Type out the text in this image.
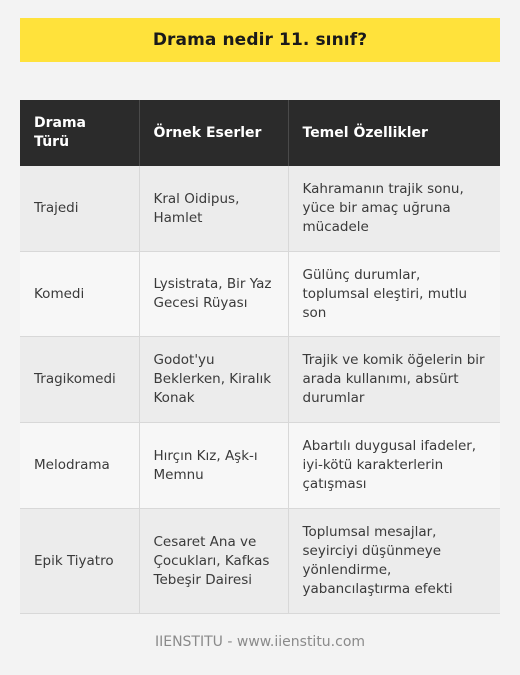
Drama nedir 11. sınıf?
Drama Türü	Örnek Eserler	Temel Özellikler
Trajedi	Kral Oidipus, Hamlet	Kahramanın trajik sonu, yüce bir amaç uğruna mücadele
Komedi	Lysistrata, Bir Yaz Gecesi Rüyası	Gülünç durumlar, toplumsal eleştiri, mutlu son
Tragikomedi	Godot'yu Beklerken, Kiralık Konak	Trajik ve komik öğelerin bir arada kullanımı, absürt durumlar
Melodrama	Hırçın Kız, Aşk-ı Memnu	Abartılı duygusal ifadeler, iyi-kötü karakterlerin çatışması
Epik Tiyatro	Cesaret Ana ve Çocukları, Kafkas Tebeşir Dairesi	Toplumsal mesajlar, seyirciyi düşünmeye yönlendirme, yabancılaştırma efekti
IIENSTITU - www.iienstitu.com
